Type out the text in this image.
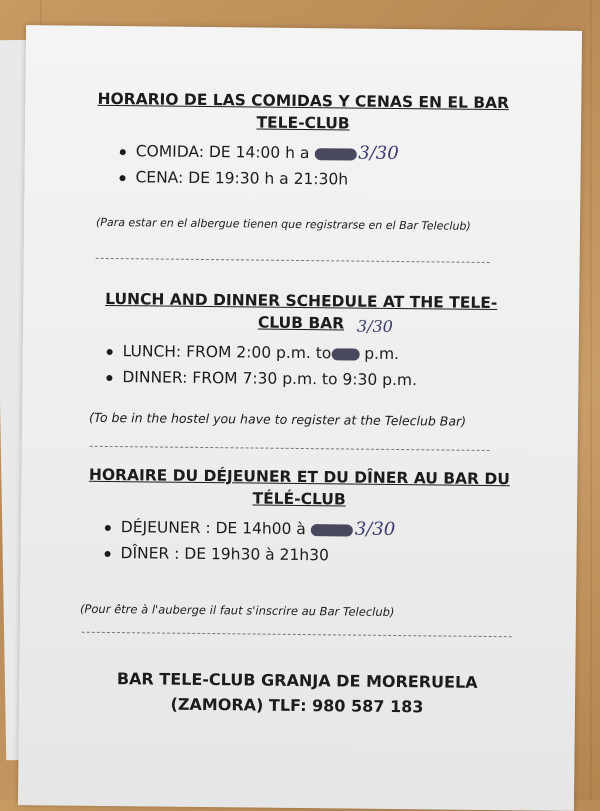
HORARIO DE LAS COMIDAS Y CENAS EN EL BAR TELE-CLUB
COMIDA: DE 14:00 h a 3/30
CENA: DE 19:30 h a 21:30h
(Para estar en el albergue tienen que registrarse en el Bar Teleclub)
LUNCH AND DINNER SCHEDULE AT THE TELE-CLUB BAR 3/30
LUNCH: FROM 2:00 p.m. to p.m.
DINNER: FROM 7:30 p.m. to 9:30 p.m.
(To be in the hostel you have to register at the Teleclub Bar)
HORAIRE DU DÉJEUNER ET DU DÎNER AU BAR DU TÉLÉ-CLUB
DÉJEUNER : DE 14h00 à 3/30
DÎNER : DE 19h30 à 21h30
(Pour être à l'auberge il faut s'inscrire au Bar Teleclub)
BAR TELE-CLUB GRANJA DE MORERUELA
(ZAMORA) TLF: 980 587 183
